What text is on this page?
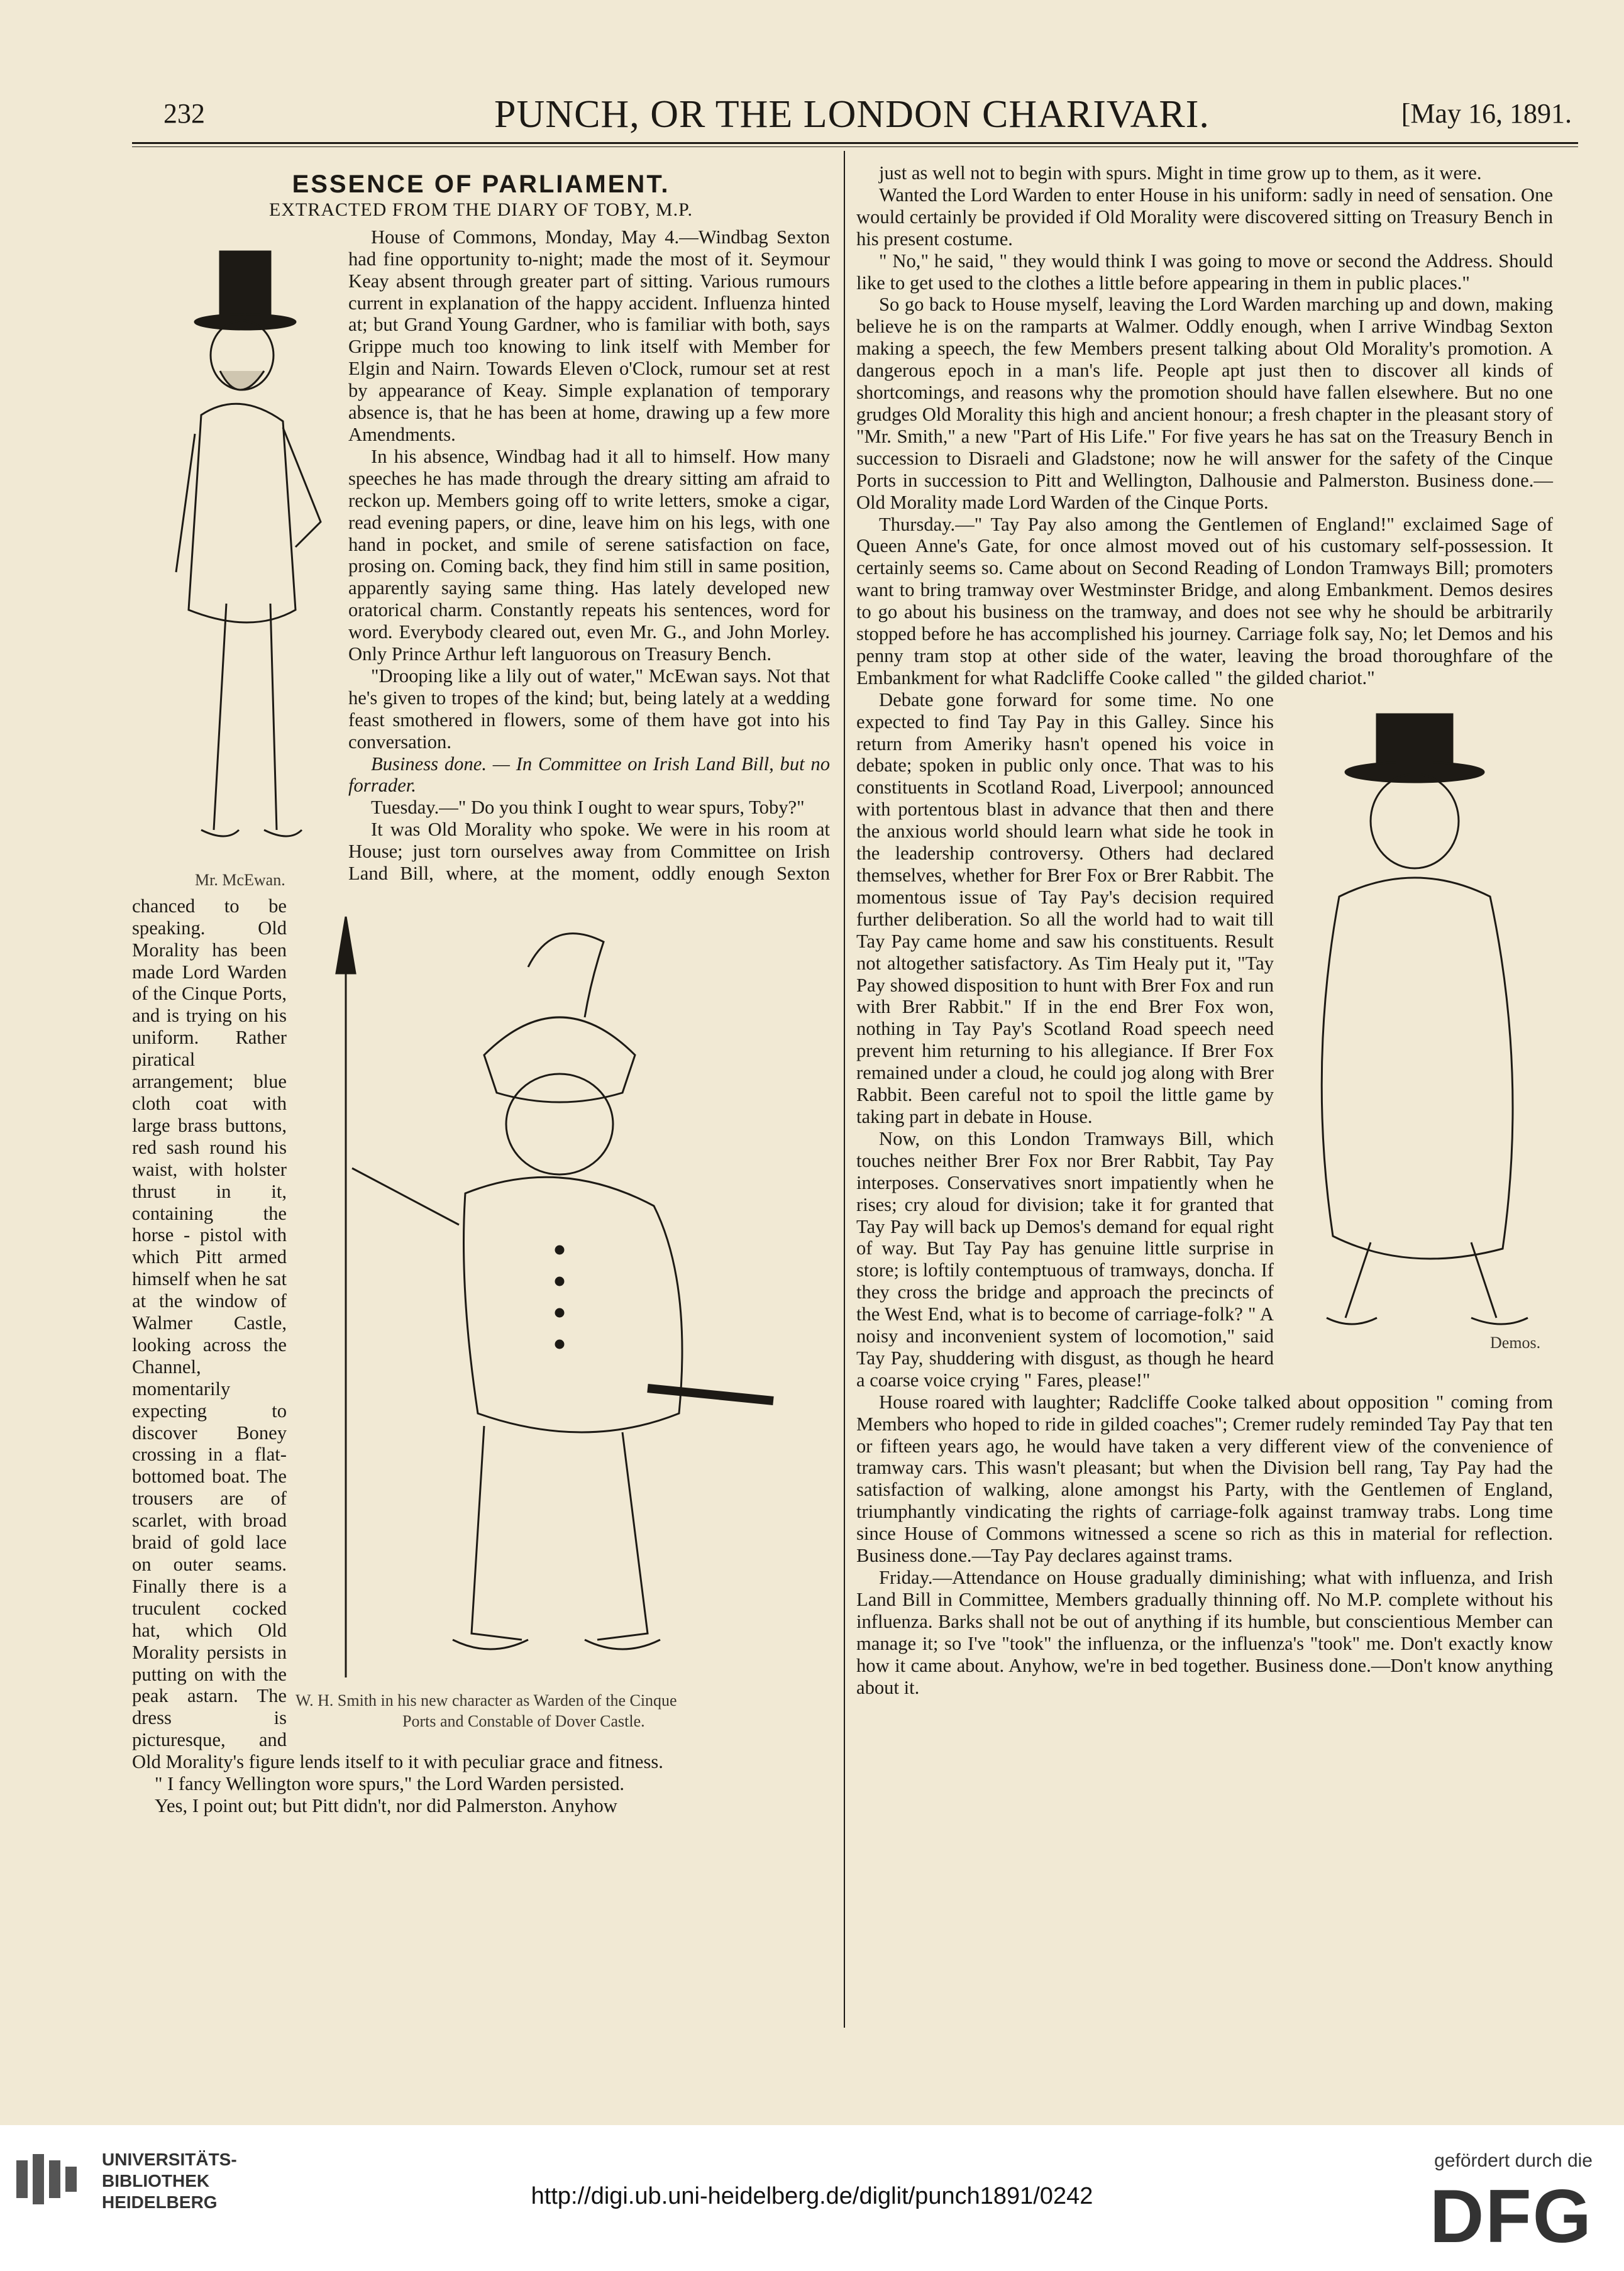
232	PUNCH, OR THE LONDON CHARIVARI.	[May 16, 1891.
ESSENCE OF PARLIAMENT.
EXTRACTED FROM THE DIARY OF TOBY, M.P.
Mr. McEwan.

House of Commons, Monday, May 4.—Windbag Sexton had fine opportunity to-night; made the most of it. Seymour Keay absent through greater part of sitting. Various rumours current in explanation of the happy accident. Influenza hinted at; but Grand Young Gardner, who is familiar with both, says Grippe much too knowing to link itself with Member for Elgin and Nairn. Towards Eleven o'Clock, rumour set at rest by appearance of Keay. Simple explanation of temporary absence is, that he has been at home, drawing up a few more Amendments.

In his absence, Windbag had it all to himself. How many speeches he has made through the dreary sitting am afraid to reckon up. Members going off to write letters, smoke a cigar, read evening papers, or dine, leave him on his legs, with one hand in pocket, and smile of serene satisfaction on face, prosing on. Coming back, they find him still in same position, apparently saying same thing. Has lately developed new oratorical charm. Constantly repeats his sentences, word for word. Everybody cleared out, even Mr. G., and John Morley. Only Prince Arthur left languorous on Treasury Bench.

"Drooping like a lily out of water," McEwan says. Not that he's given to tropes of the kind; but, being lately at a wedding feast smothered in flowers, some of them have got into his conversation.

Business done. — In Committee on Irish Land Bill, but no forrader.

Tuesday.—" Do you think I ought to wear spurs, Toby?"

W. H. Smith in his new character as Warden of the Cinque
Ports and Constable of Dover Castle.

It was Old Morality who spoke. We were in his room at House; just torn ourselves away from Committee on Irish Land Bill, where, at the moment, oddly enough Sexton chanced to be speaking. Old Morality has been made Lord Warden of the Cinque Ports, and is trying on his uniform. Rather piratical arrangement; blue cloth coat with large brass buttons, red sash round his waist, with holster thrust in it, containing the horse - pistol with which Pitt armed himself when he sat at the window of Walmer Castle, looking across the Channel, momentarily expecting to discover Boney crossing in a flat-bottomed boat. The trousers are of scarlet, with broad braid of gold lace on outer seams. Finally there is a truculent cocked hat, which Old Morality persists in putting on with the peak astarn. The dress is picturesque, and Old Morality's figure lends itself to it with peculiar grace and fitness.

" I fancy Wellington wore spurs," the Lord Warden persisted.

Yes, I point out; but Pitt didn't, nor did Palmerston. Anyhow

just as well not to begin with spurs. Might in time grow up to them, as it were.

Wanted the Lord Warden to enter House in his uniform: sadly in need of sensation. One would certainly be provided if Old Morality were discovered sitting on Treasury Bench in his present costume.

" No," he said, " they would think I was going to move or second the Address. Should like to get used to the clothes a little before appearing in them in public places."

So go back to House myself, leaving the Lord Warden marching up and down, making believe he is on the ramparts at Walmer. Oddly enough, when I arrive Windbag Sexton making a speech, the few Members present talking about Old Morality's promotion. A dangerous epoch in a man's life. People apt just then to discover all kinds of shortcomings, and reasons why the promotion should have fallen elsewhere. But no one grudges Old Morality this high and ancient honour; a fresh chapter in the pleasant story of "Mr. Smith," a new "Part of His Life." For five years he has sat on the Treasury Bench in succession to Disraeli and Gladstone; now he will answer for the safety of the Cinque Ports in succession to Pitt and Wellington, Dalhousie and Palmerston. Business done.—Old Morality made Lord Warden of the Cinque Ports.

Thursday.—" Tay Pay also among the Gentlemen of England!" exclaimed Sage of Queen Anne's Gate, for once almost moved out of his customary self-possession. It certainly seems so. Came about on Second Reading of London Tramways Bill; promoters want to bring tramway over Westminster Bridge, and along Embankment. Demos desires to go about his business on the tramway, and does not see why he should be arbitrarily stopped before he has accomplished his journey. Carriage folk say, No; let Demos and his penny tram stop at other side of the water, leaving the broad thoroughfare of the Embankment for what Radcliffe Cooke called " the gilded chariot."

Demos.

Debate gone forward for some time. No one expected to find Tay Pay in this Galley. Since his return from Ameriky hasn't opened his voice in debate; spoken in public only once. That was to his constituents in Scotland Road, Liverpool; announced with portentous blast in advance that then and there the anxious world should learn what side he took in the leadership controversy. Others had declared themselves, whether for Brer Fox or Brer Rabbit. The momentous issue of Tay Pay's decision required further deliberation. So all the world had to wait till Tay Pay came home and saw his constituents. Result not altogether satisfactory. As Tim Healy put it, "Tay Pay showed disposition to hunt with Brer Fox and run with Brer Rabbit." If in the end Brer Fox won, nothing in Tay Pay's Scotland Road speech need prevent him returning to his allegiance. If Brer Fox remained under a cloud, he could jog along with Brer Rabbit. Been careful not to spoil the little game by taking part in debate in House.

Now, on this London Tramways Bill, which touches neither Brer Fox nor Brer Rabbit, Tay Pay interposes. Conservatives snort impatiently when he rises; cry aloud for division; take it for granted that Tay Pay will back up Demos's demand for equal right of way. But Tay Pay has genuine little surprise in store; is loftily contemptuous of tramways, doncha. If they cross the bridge and approach the precincts of the West End, what is to become of carriage-folk? " A noisy and inconvenient system of locomotion," said Tay Pay, shuddering with disgust, as though he heard a coarse voice crying " Fares, please!"

House roared with laughter; Radcliffe Cooke talked about opposition " coming from Members who hoped to ride in gilded coaches"; Cremer rudely reminded Tay Pay that ten or fifteen years ago, he would have taken a very different view of the convenience of tramway cars. This wasn't pleasant; but when the Division bell rang, Tay Pay had the satisfaction of walking, alone amongst his Party, with the Gentlemen of England, triumphantly vindicating the rights of carriage-folk against tramway trabs. Long time since House of Commons witnessed a scene so rich as this in material for reflection. Business done.—Tay Pay declares against trams.

Friday.—Attendance on House gradually diminishing; what with influenza, and Irish Land Bill in Committee, Members gradually thinning off. No M.P. complete without his influenza. Barks shall not be out of anything if its humble, but conscientious Member can manage it; so I've "took" the influenza, or the influenza's "took" me. Don't exactly know how it came about. Anyhow, we're in bed together. Business done.—Don't know anything about it.

UNIVERSITÄTS-
BIBLIOTHEK
HEIDELBERG	http://digi.ub.uni-heidelberg.de/diglit/punch1891/0242
gefördert durch die
DFG
